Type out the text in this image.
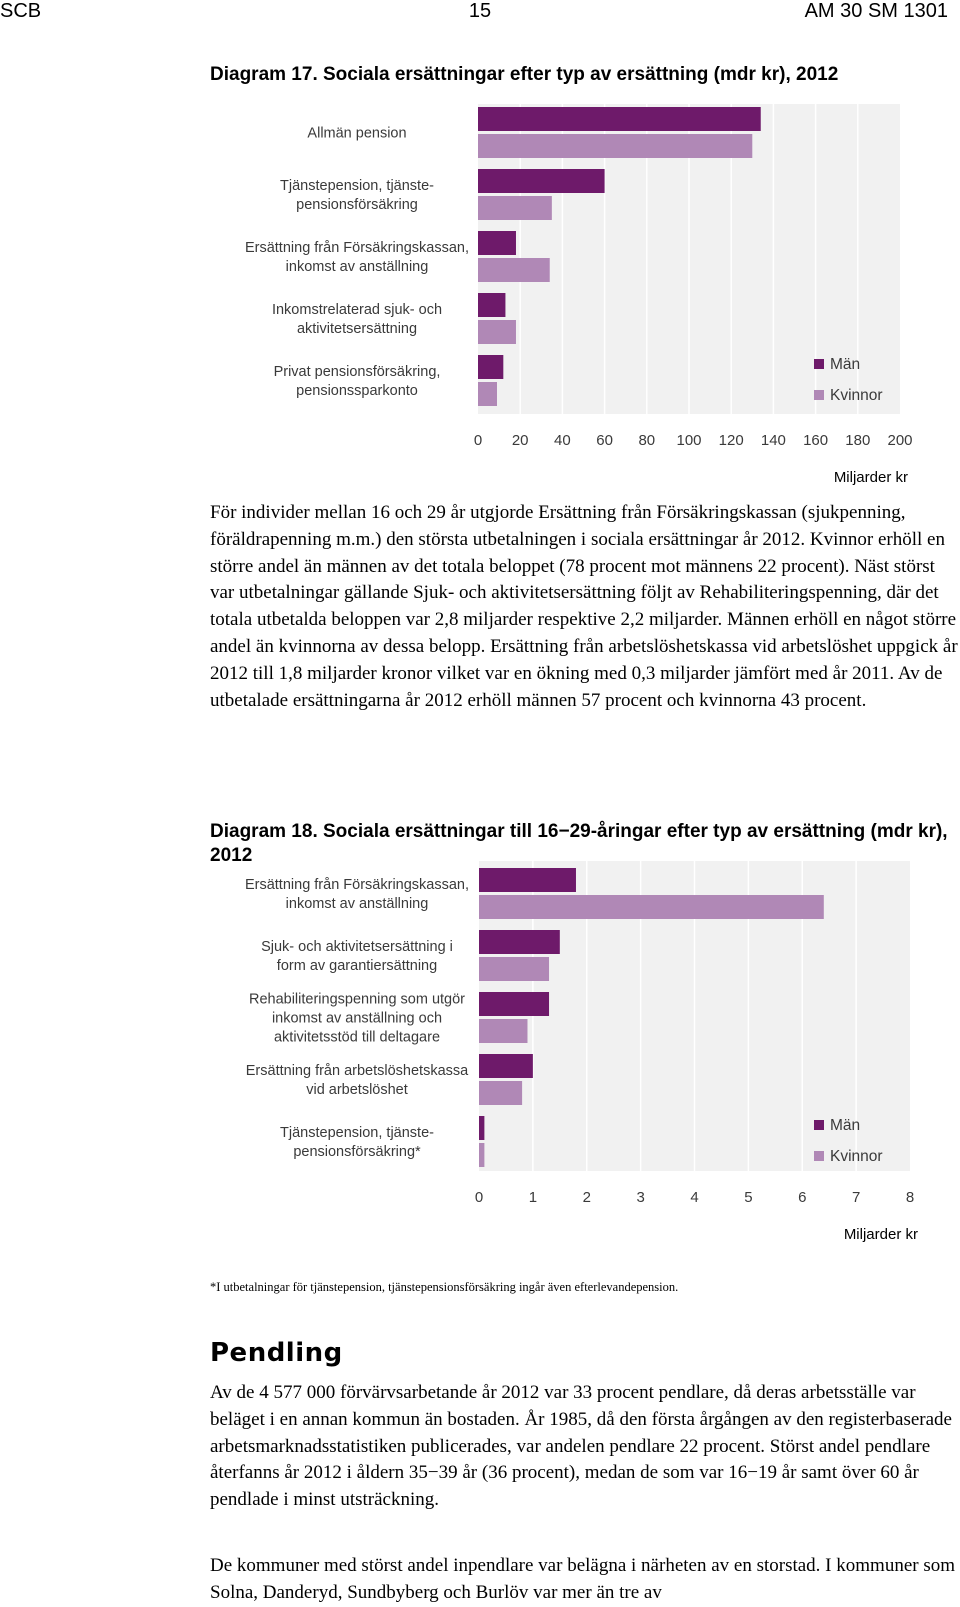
SCB	15	AM 30 SM 1301
Diagram 17. Sociala ersättningar efter typ av ersättning (mdr kr), 2012
0 20 40 60 80 100 120 140 160 180 200
Allmän pension
Tjänstepension, tjänste-
pensionsförsäkring
Ersättning från Försäkringskassan,
inkomst av anställning
Inkomstrelaterad sjuk- och
aktivitetsersättning
Privat pensionsförsäkring,
pensionssparkonto
Män
Kvinnor
Miljarder kr

För individer mellan 16 och 29 år utgjorde Ersättning från Försäkringskassan (sjukpenning, föräldrapenning m.m.) den största utbetalningen i sociala ersättningar år 2012. Kvinnor erhöll en större andel än männen av det totala beloppet (78 procent mot männens 22 procent). Näst störst var utbetalningar gällande Sjuk- och aktivitetsersättning följt av Rehabiliteringspenning, där det totala utbetalda beloppen var 2,8 miljarder respektive 2,2 miljarder. Männen erhöll en något större andel än kvinnorna av dessa belopp. Ersättning från arbetslöshetskassa vid arbetslöshet uppgick år 2012 till 1,8 miljarder kronor vilket var en ökning med 0,3 miljarder jämfört med år 2011. Av de utbetalade ersättningarna år 2012 erhöll männen 57 procent och kvinnorna 43 procent.

Diagram 18. Sociala ersättningar till 16−29-åringar efter typ av ersättning (mdr kr), 2012
0	1	2	3	4	5	6	7	8
Ersättning från Försäkringskassan,
inkomst av anställning
Sjuk- och aktivitetsersättning i
form av garantiersättning
Rehabiliteringspenning som utgör
inkomst av anställning och
aktivitetsstöd till deltagare
Ersättning från arbetslöshetskassa
vid arbetslöshet
Tjänstepension, tjänste-
pensionsförsäkring*
Män
Kvinnor
Miljarder kr
*I utbetalningar för tjänstepension, tjänstepensionsförsäkring ingår även efterlevandepension.
Pendling

Av de 4 577 000 förvärvsarbetande år 2012 var 33 procent pendlare, då deras arbetsställe var beläget i en annan kommun än bostaden. År 1985, då den första årgången av den registerbaserade arbetsmarknadsstatistiken publicerades, var andelen pendlare 22 procent. Störst andel pendlare återfanns år 2012 i åldern 35−39 år (36 procent), medan de som var 16−19 år samt över 60 år pendlade i minst utsträckning.

De kommuner med störst andel inpendlare var belägna i närheten av en storstad. I kommuner som Solna, Danderyd, Sundbyberg och Burlöv var mer än tre av
